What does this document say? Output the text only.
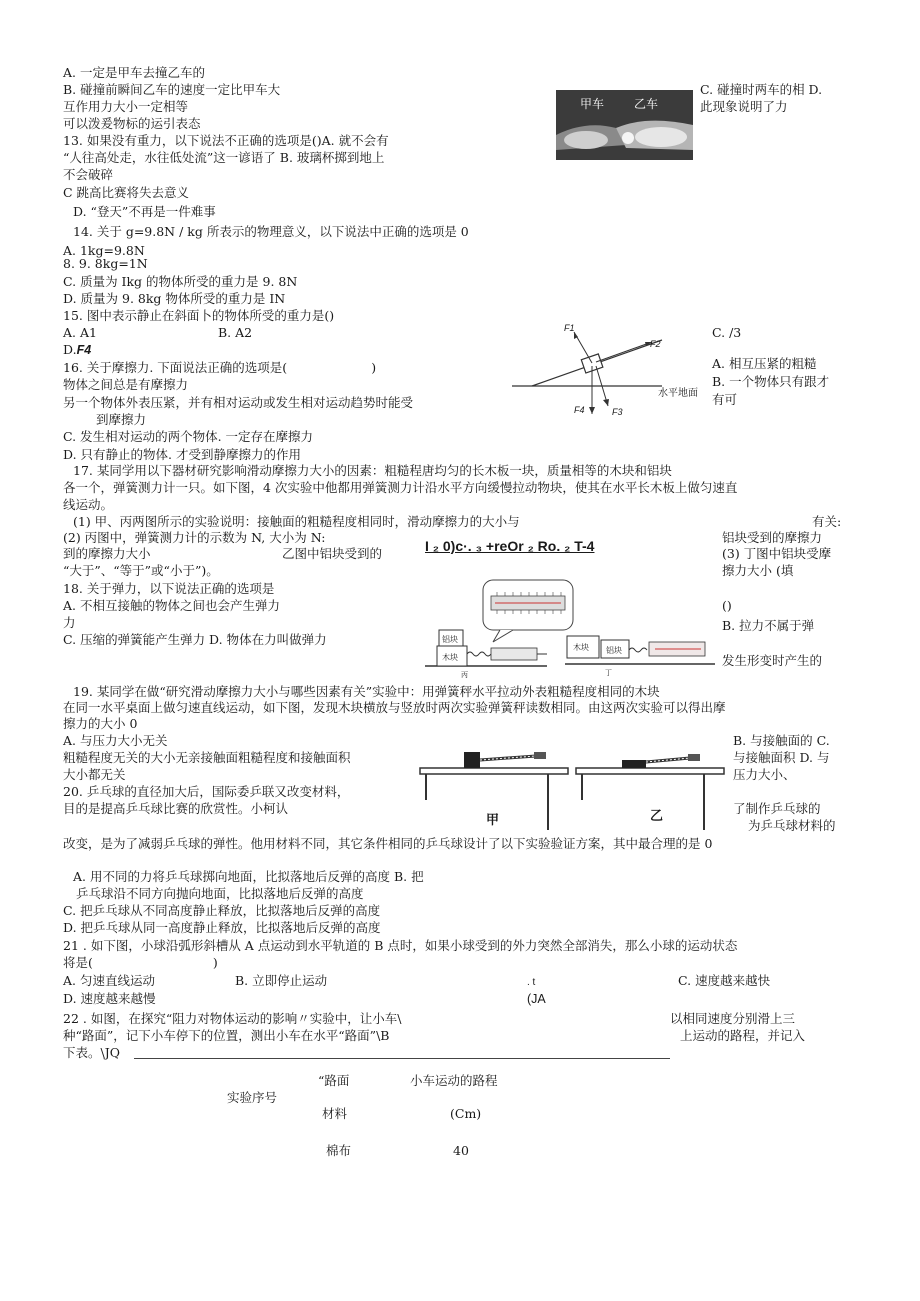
A. 一定是甲车去撞乙车的
B. 碰撞前瞬间乙车的速度一定比甲车大
互作用力大小一定相等
可以泼爰物标的运引表态
C. 碰撞时两车的相 D.
此现象说明了力
甲车 乙车
13. 如果没有重力，以下说法不正确的选项是()A. 就不会有
“人往高处走，水往低处流”这一谚语了 B. 玻璃杯掷到地上
不会破碎
C 跳高比赛将失去意义
D. “登天”不再是一件难事
14. 关于 g=9.8N / kg 所表示的物理意义，以下说法中正确的选项是 0
A. 1kg=9.8N
8. 9. 8kg=1N
C. 质量为 Ikg 的物体所受的重力是 9. 8N
D. 质量为 9. 8kg 物体所受的重力是 IN
15. 图中表示静止在斜面卜的物体所受的重力是()
A. A1	B. A2	C. /3
D.F4
F1
F2
F3
F4
水平地面
16. 关于摩擦力. 下面说法正确的选项是(	)
物体之间总是有摩擦力
另一个物体外表压紧，并有相对运动或发生相对运动趋势时能受
到摩擦力
C. 发生相对运动的两个物体. 一定存在摩擦力
D. 只有静止的物体. 才受到静摩擦力的作用
A. 相互压紧的粗糙
B. 一个物体只有跟才
有可
17. 某同学用以下器材研究影响滑动摩擦力大小的因素：粗糙程唐均匀的长木板一块，质量相等的木块和铝块
各一个，弹簧测力计一只。如下图，4 次实验中他都用弹簧测力计沿水平方向缓慢拉动物块，使其在水平长木板上做匀速直
线运动。
(1) 甲、丙两图所示的实验说明：接触面的粗糙程度相同时，滑动摩擦力的大小与	有关:
(2) 丙图中，弹簧测力计的示数为 N, 大小为 N:	铝块受到的摩擦力
到的摩擦力大小	乙图中铝块受到的	I ₂ 0)c·. ₃ +reOr ₂ Ro. ₂ T-4	(3) 丁图中铝块受摩
“大于”、“等于”或“小于”)。	擦力大小 (填
铝块
木块
木块 铝块
丙	丁
18. 关于弹力，以下说法正确的选项是
A. 不相互接触的物体之间也会产生弹力
力
C. 压缩的弹簧能产生弹力 D. 物体在力叫做弹力
()
B. 拉力不属于弹
发生形变时产生的
19. 某同学在做“研究滑动摩擦力大小与哪些因素有关”实验中：用弹簧秤水平拉动外表粗糙程度相同的木块
在同一水平桌面上做匀速直线运动，如下图，发现木块横放与竖放时两次实验弹簧秤读数相同。由这两次实验可以得出摩
擦力的大小 0
A. 与压力大小无关
粗糙程度无关的大小无亲接触面粗糙程度和接触面积
大小都无关
B. 与接触面的 C.
与接触面积 D. 与
压力大小、
甲	乙
20. 乒乓球的直径加大后，国际委乒联又改变材料，
目的是提高乒乓球比赛的欣赏性。小柯认	了制作乒乓球的
为乒乓球材料的
改变，是为了减弱乒乓球的弹性。他用材料不同，其它条件相同的乒乓球设计了以下实验验证方案，其中最合理的是 0
A. 用不同的力将乒乓球掷向地面，比拟落地后反弹的高度 B. 把
乒乓球沿不同方向抛向地面，比拟落地后反弹的高度
C. 把乒乓球从不同高度静止释放，比拟落地后反弹的高度
D. 把乒乓球从同一高度静止释放，比拟落地后反弹的高度
21 . 如下图，小球沿弧形斜槽从 A 点运动到水平轨道的 B 点时，如果小球受到的外力突然全部消失，那么小球的运动状态
将是(	)
A. 匀速直线运动	B. 立即停止运动	. t	C. 速度越来越快
D. 速度越来越慢	(JA
22 . 如图，在探究“阻力对物体运动的影响〃实验中，让小车\	以相同速度分别滑上三
种“路面”，记下小车停下的位置，测出小车在水平“路面”\B	上运动的路程，并记入
下表。\JQ
“路面	小车运动的路程
实验序号
材料	(Cm)
棉布	40
